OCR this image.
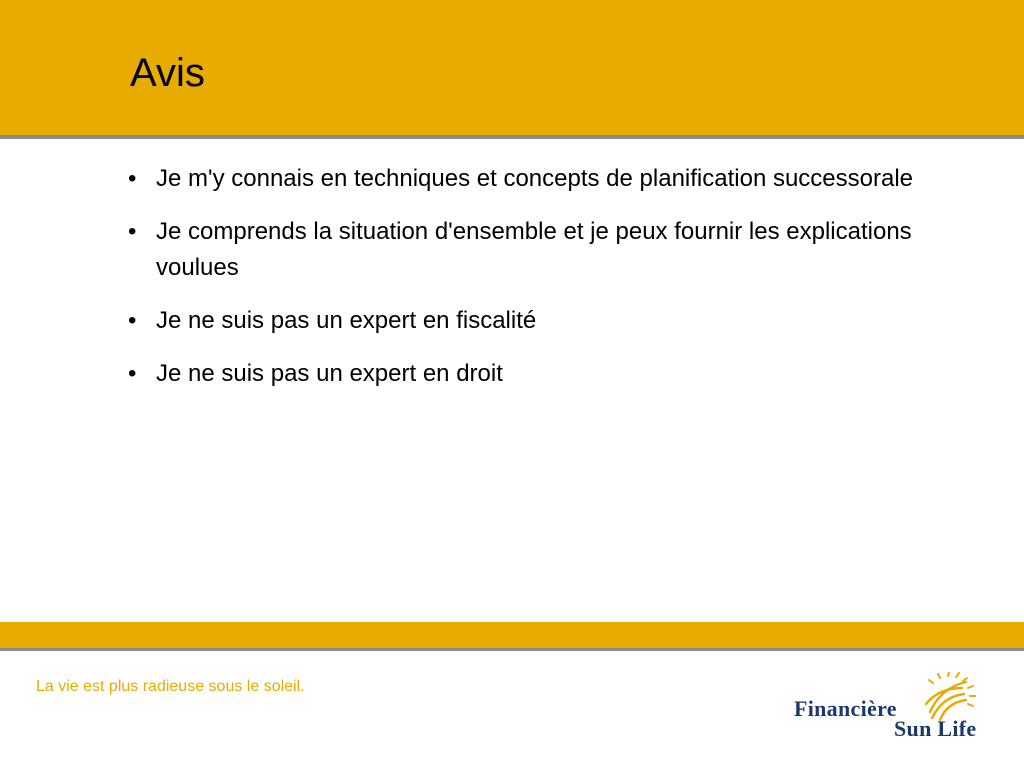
Avis
• Je m'y connais en techniques et concepts de planification successorale
• Je comprends la situation d'ensemble et je peux fournir les explications voulues
• Je ne suis pas un expert en fiscalité
• Je ne suis pas un expert en droit

La vie est plus radieuse sous le soleil.

Financière
Sun Life
